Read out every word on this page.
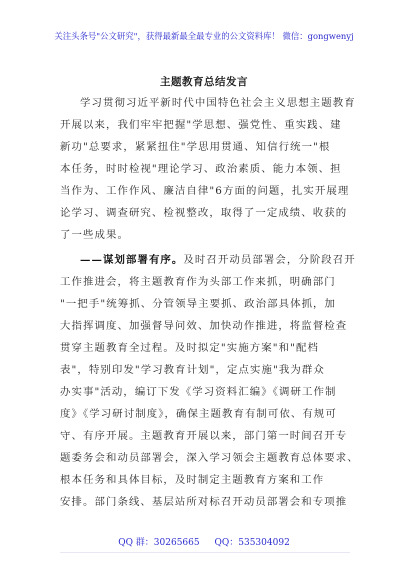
关注头条号"公文研究"，获得最新最全最专业的公文资料库！ 微信：gongwenyj
主题教育总结发言
学习贯彻习近平新时代中国特色社会主义思想主题教育
开展以来，我们牢牢把握"学思想、强党性、重实践、建
新功"总要求，紧紧扭住"学思用贯通、知信行统一"根
本任务，时时检视"理论学习、政治素质、能力本领、担
当作为、工作作风、廉洁自律"6方面的问题，扎实开展理
论学习、调查研究、检视整改，取得了一定成绩、收获的
了一些成果。
——谋划部署有序。及时召开动员部署会，分阶段召开
工作推进会，将主题教育作为头部工作来抓，明确部门
"一把手"统筹抓、分管领导主要抓、政治部具体抓，加
大指挥调度、加强督导问效、加快动作推进，将监督检查
贯穿主题教育全过程。及时拟定"实施方案"和"配档
表"，特别印发"学习教育计划"，定点实施"我为群众
办实事"活动，编订下发《学习资料汇编》《调研工作制
度》《学习研讨制度》，确保主题教育有制可依、有规可
守、有序开展。主题教育开展以来，部门第一时间召开专
题委务会和动员部署会，深入学习领会主题教育总体要求、
根本任务和具体目标，及时制定主题教育方案和工作
安排。部门条线、基层站所对标召开动员部署会和专项推
QQ 群：30265665 QQ：535304092
